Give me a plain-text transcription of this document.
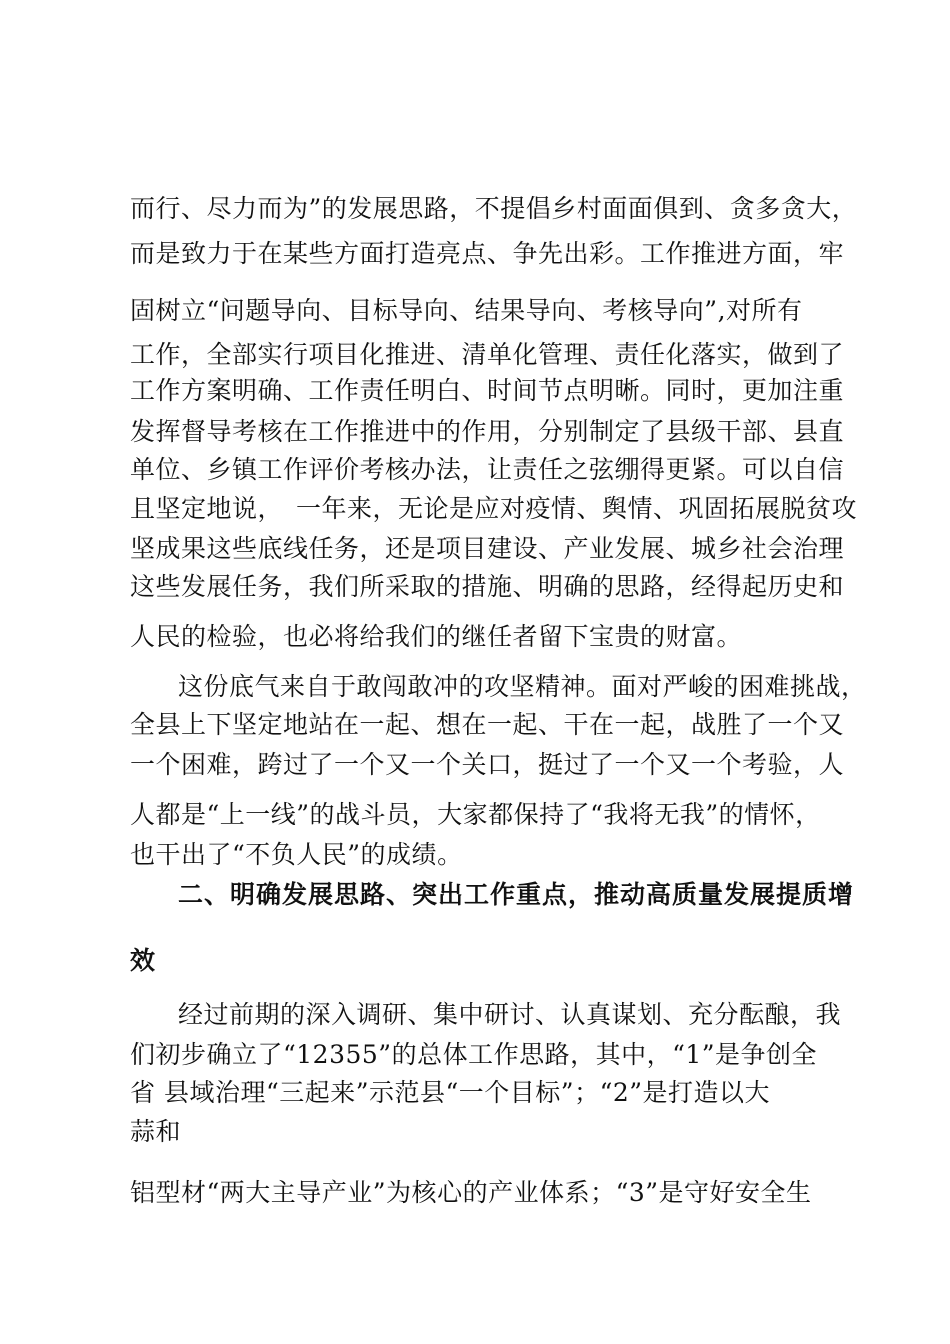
而行、尽力而为”的发展思路，不提倡乡村面面俱到、贪多贪大，
而是致力于在某些方面打造亮点、争先出彩。工作推进方面，牢
固树立“问题导向、目标导向、结果导向、考核导向”,对所有
工作，全部实行项目化推进、清单化管理、责任化落实，做到了
工作方案明确、工作责任明白、时间节点明晰。同时，更加注重
发挥督导考核在工作推进中的作用，分别制定了县级干部、县直
单位、乡镇工作评价考核办法，让责任之弦绷得更紧。可以自信
且坚定地说，　一年来，无论是应对疫情、舆情、巩固拓展脱贫攻
坚成果这些底线任务，还是项目建设、产业发展、城乡社会治理
这些发展任务，我们所采取的措施、明确的思路，经得起历史和
人民的检验，也必将给我们的继任者留下宝贵的财富。
这份底气来自于敢闯敢冲的攻坚精神。面对严峻的困难挑战，
全县上下坚定地站在一起、想在一起、干在一起，战胜了一个又
一个困难，跨过了一个又一个关口，挺过了一个又一个考验，人
人都是“上一线”的战斗员，大家都保持了“我将无我”的情怀，
也干出了“不负人民”的成绩。
二、明确发展思路、突出工作重点，推动高质量发展提质增
效
经过前期的深入调研、集中研讨、认真谋划、充分酝酿，我
们初步确立了“12355”的总体工作思路，其中，“1”是争创全
省 县域治理“三起来”示范县“一个目标”；“2”是打造以大
蒜和
铝型材“两大主导产业”为核心的产业体系；“3”是守好安全生
